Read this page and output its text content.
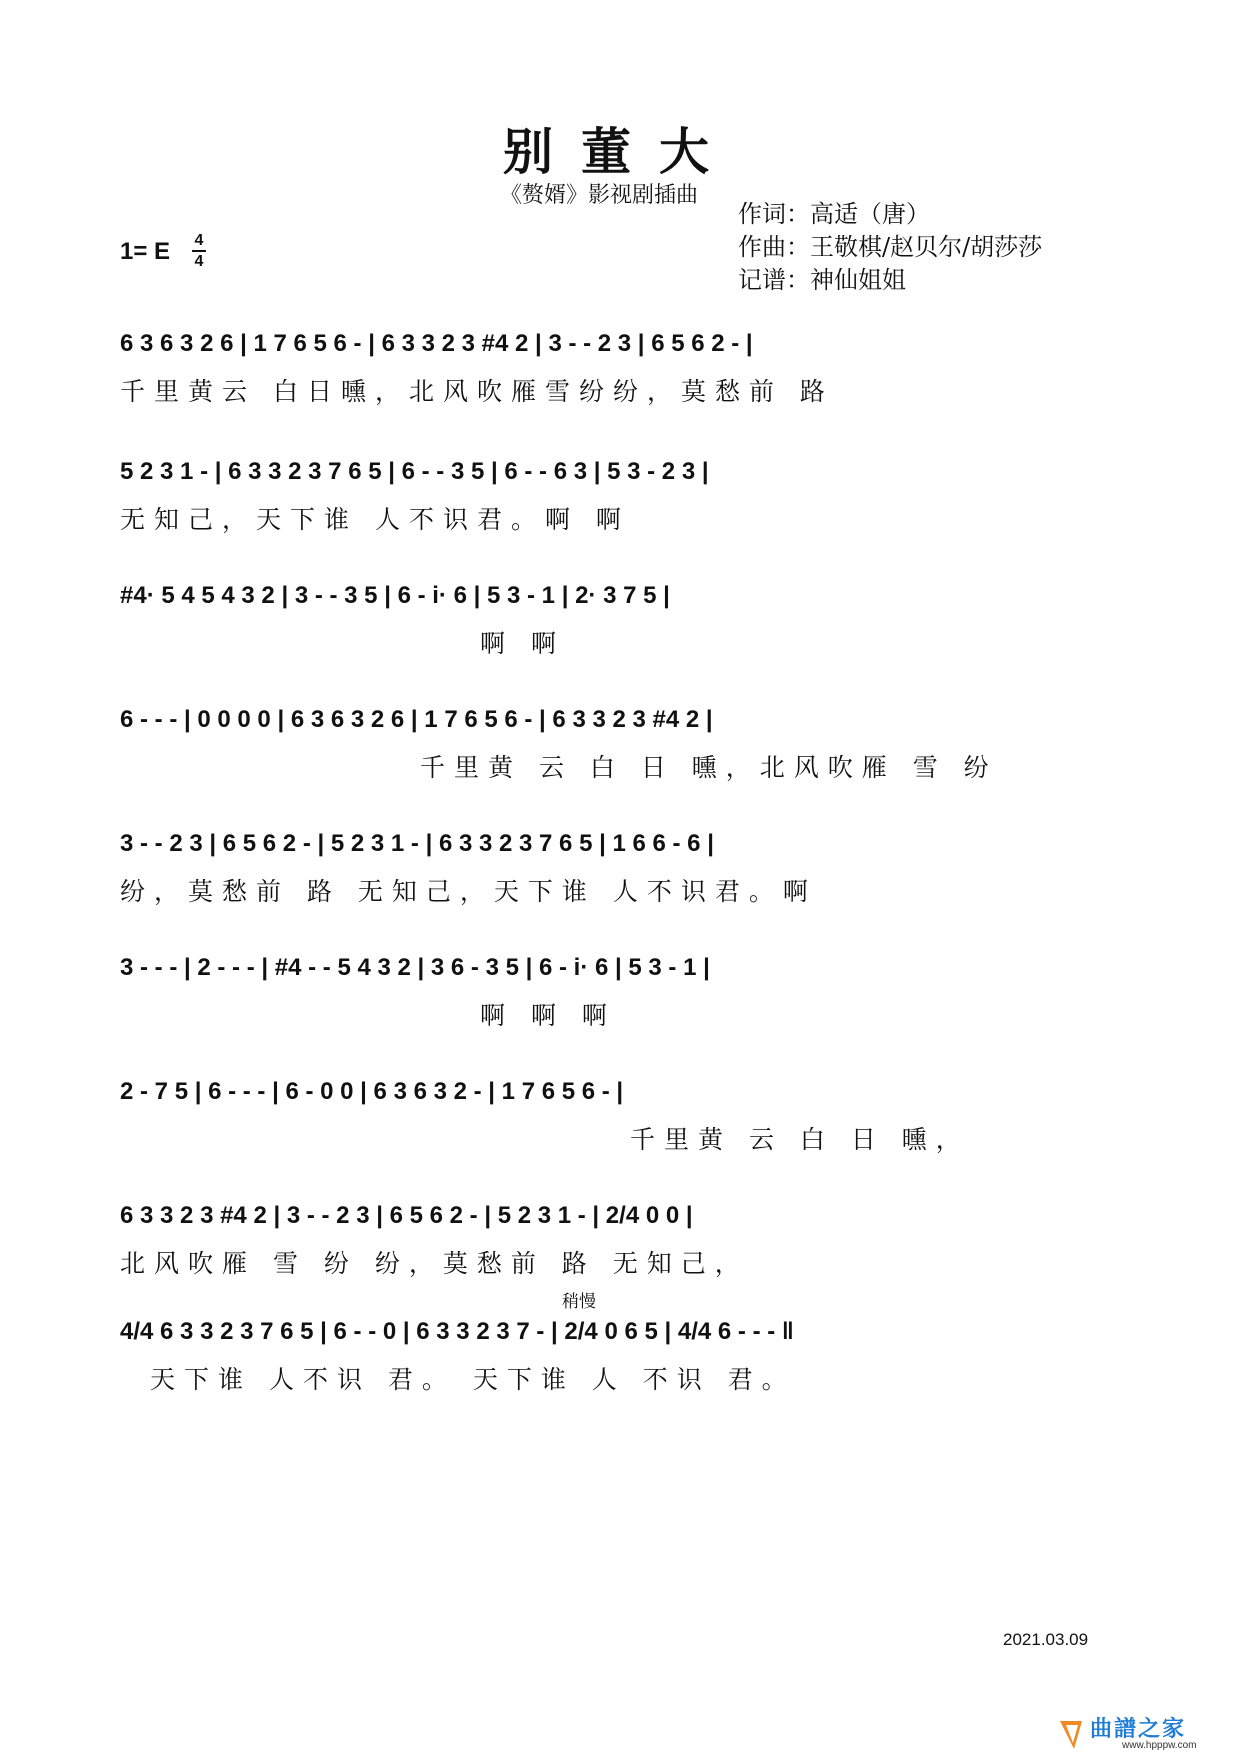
别董大
《赘婿》影视剧插曲
作词：高适（唐）
作曲：王敬棋/赵贝尔/胡莎莎
记谱：神仙姐姐
1= E 4
4
6 3 6 3 2 6 | 1 7 6 5 6 - | 6 3 3 2 3 #4 2 | 3 - - 2 3 | 6 5 6 2 - |
千里黄云 白日曛，北风吹雁雪纷纷，莫愁前 路
5 2 3 1 - | 6 3 3 2 3 7 6 5 | 6 - - 3 5 | 6 - - 6 3 | 5 3 - 2 3 |
无知己，天下谁 人不识君。啊 啊
#4· 5 4 5 4 3 2 | 3 - - 3 5 | 6 - i· 6 | 5 3 - 1 | 2· 3 7 5 |
啊 啊
6 - - - | 0 0 0 0 | 6 3 6 3 2 6 | 1 7 6 5 6 - | 6 3 3 2 3 #4 2 |
千里黄 云 白 日 曛，北风吹雁 雪 纷
3 - - 2 3 | 6 5 6 2 - | 5 2 3 1 - | 6 3 3 2 3 7 6 5 | 1 6 6 - 6 |
纷，莫愁前 路 无知己，天下谁 人不识君。啊
3 - - - | 2 - - - | #4 - - 5 4 3 2 | 3 6 - 3 5 | 6 - i· 6 | 5 3 - 1 |
啊 啊 啊
2 - 7 5 | 6 - - - | 6 - 0 0 | 6 3 6 3 2 - | 1 7 6 5 6 - |
千里黄 云 白 日 曛，
6 3 3 2 3 #4 2 | 3 - - 2 3 | 6 5 6 2 - | 5 2 3 1 - | 2/4 0 0 |
北风吹雁 雪 纷 纷，莫愁前 路 无知己，
稍慢
4/4 6 3 3 2 3 7 6 5 | 6 - - 0 | 6 3 3 2 3 7 - | 2/4 0 6 5 | 4/4 6 - - - ‖
天下谁 人不识 君。 天下谁 人 不识 君。
2021.03.09
曲譜之家
www.hpppw.com
